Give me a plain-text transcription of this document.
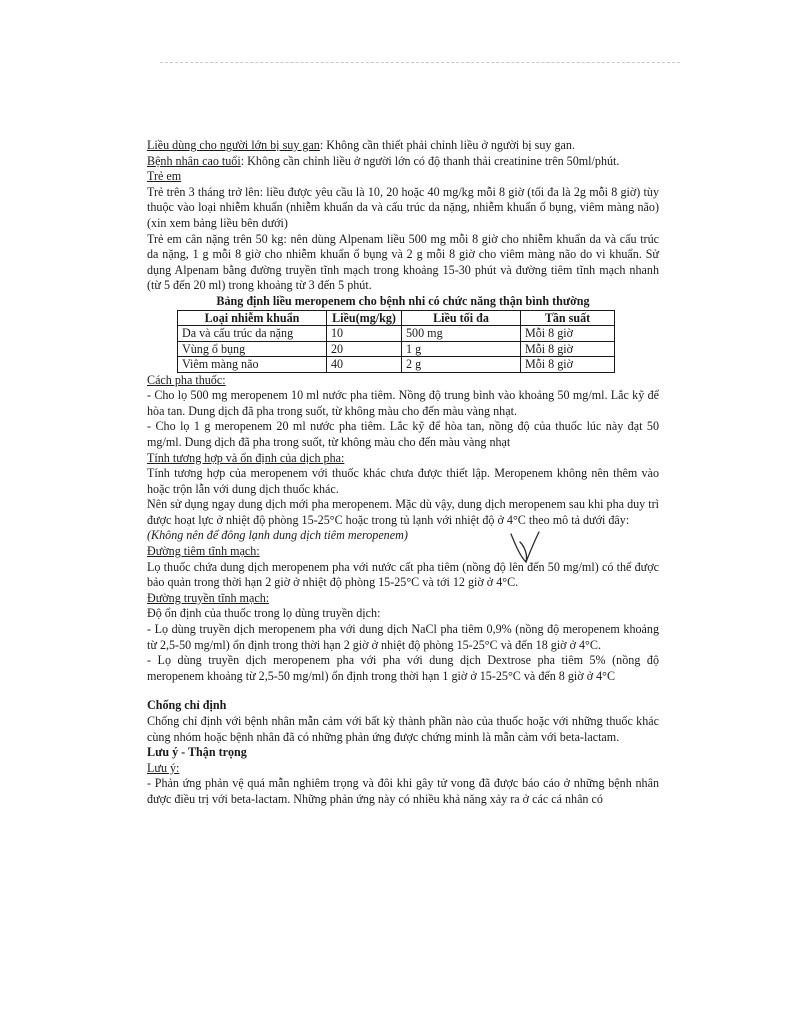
Liều dùng cho người lớn bị suy gan: Không cần thiết phải chỉnh liều ở người bị suy gan.

Bệnh nhân cao tuổi: Không cần chỉnh liều ở người lớn có độ thanh thải creatinine trên 50ml/phút.

Trẻ em

Trẻ trên 3 tháng trở lên: liều được yêu cầu là 10, 20 hoặc 40 mg/kg mỗi 8 giờ (tối đa là 2g mỗi 8 giờ) tùy thuộc vào loại nhiễm khuẩn (nhiễm khuẩn da và cấu trúc da nặng, nhiễm khuẩn ổ bụng, viêm màng não) (xin xem bảng liều bên dưới)

Trẻ em cân nặng trên 50 kg: nên dùng Alpenam liều 500 mg mỗi 8 giờ cho nhiễm khuẩn da và cấu trúc da nặng, 1 g mỗi 8 giờ cho nhiễm khuẩn ổ bụng và 2 g mỗi 8 giờ cho viêm màng não do vi khuẩn. Sử dụng Alpenam bằng đường truyền tĩnh mạch trong khoảng 15-30 phút và đường tiêm tĩnh mạch nhanh (từ 5 đến 20 ml) trong khoảng từ 3 đến 5 phút.

Bảng định liều meropenem cho bệnh nhi có chức năng thận bình thường

Loại nhiễm khuẩn	Liều(mg/kg)	Liều tối đa	Tần suất
Da và cấu trúc da nặng	10	500 mg	Mỗi 8 giờ
Vùng ổ bụng	20	1 g	Mỗi 8 giờ
Viêm màng não	40	2 g	Mỗi 8 giờ

Cách pha thuốc:

- Cho lọ 500 mg meropenem 10 ml nước pha tiêm. Nồng độ trung bình vào khoảng 50 mg/ml. Lắc kỹ để hòa tan. Dung dịch đã pha trong suốt, từ không màu cho đến màu vàng nhạt.

- Cho lọ 1 g meropenem 20 ml nước pha tiêm. Lắc kỹ để hòa tan, nồng độ của thuốc lúc này đạt 50 mg/ml. Dung dịch đã pha trong suốt, từ không màu cho đến màu vàng nhạt

Tính tương hợp và ổn định của dịch pha:

Tính tương hợp của meropenem với thuốc khác chưa được thiết lập. Meropenem không nên thêm vào hoặc trộn lẫn với dung dịch thuốc khác.

Nên sử dụng ngay dung dịch mới pha meropenem. Mặc dù vậy, dung dịch meropenem sau khi pha duy trì được hoạt lực ở nhiệt độ phòng 15-25°C hoặc trong tủ lạnh với nhiệt độ ở 4°C theo mô tả dưới đây:

(Không nên để đông lạnh dung dịch tiêm meropenem)

Đường tiêm tĩnh mạch:

Lọ thuốc chứa dung dịch meropenem pha với nước cất pha tiêm (nồng độ lên đến 50 mg/ml) có thể được bảo quản trong thời hạn 2 giờ ở nhiệt độ phòng 15-25°C và tới 12 giờ ở 4°C.

Đường truyền tĩnh mạch:

Độ ổn định của thuốc trong lọ dùng truyền dịch:

- Lọ dùng truyền dịch meropenem pha với dung dịch NaCl pha tiêm 0,9% (nồng độ meropenem khoảng từ 2,5-50 mg/ml) ổn định trong thời hạn 2 giờ ở nhiệt độ phòng 15-25°C và đến 18 giờ ở 4°C.

- Lọ dùng truyền dịch meropenem pha với pha với dung dịch Dextrose pha tiêm 5% (nồng độ meropenem khoảng từ 2,5-50 mg/ml) ổn định trong thời hạn 1 giờ ở 15-25°C và đến 8 giờ ở 4°C

Chống chỉ định

Chống chỉ định với bệnh nhân mẫn cảm với bất kỳ thành phần nào của thuốc hoặc với những thuốc khác cùng nhóm hoặc bệnh nhân đã có những phản ứng được chứng minh là mẫn cảm với beta-lactam.

Lưu ý - Thận trọng

Lưu ý:

- Phản ứng phản vệ quá mẫn nghiêm trọng và đôi khi gây tử vong đã được báo cáo ở những bệnh nhân được điều trị với beta-lactam. Những phản ứng này có nhiều khả năng xảy ra ở các cá nhân có
